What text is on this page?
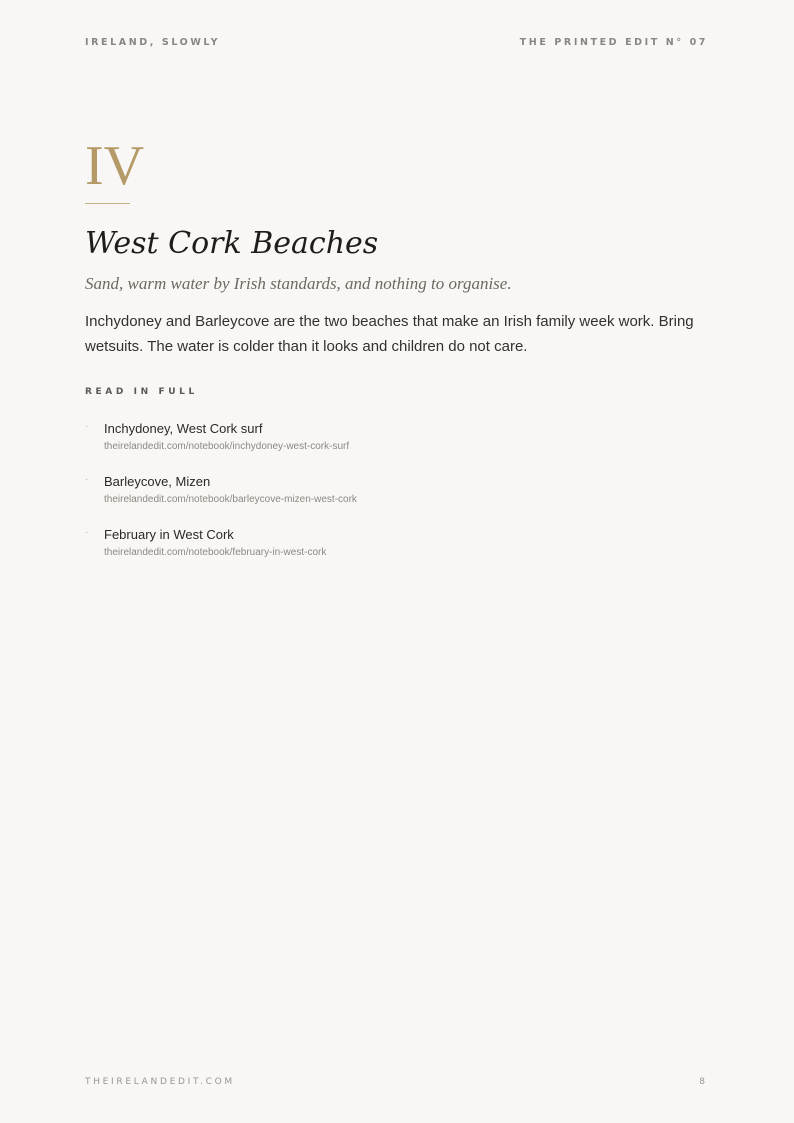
IRELAND, SLOWLY	THE PRINTED EDIT N° 07
IV
West Cork Beaches
Sand, warm water by Irish standards, and nothing to organise.
Inchydoney and Barleycove are the two beaches that make an Irish family week work. Bring wetsuits. The water is colder than it looks and children do not care.
READ IN FULL
· Inchydoney, West Cork surf
theirelandedit.com/notebook/inchydoney-west-cork-surf
· Barleycove, Mizen
theirelandedit.com/notebook/barleycove-mizen-west-cork
· February in West Cork
theirelandedit.com/notebook/february-in-west-cork
THEIRELANDEDIT.COM	8
